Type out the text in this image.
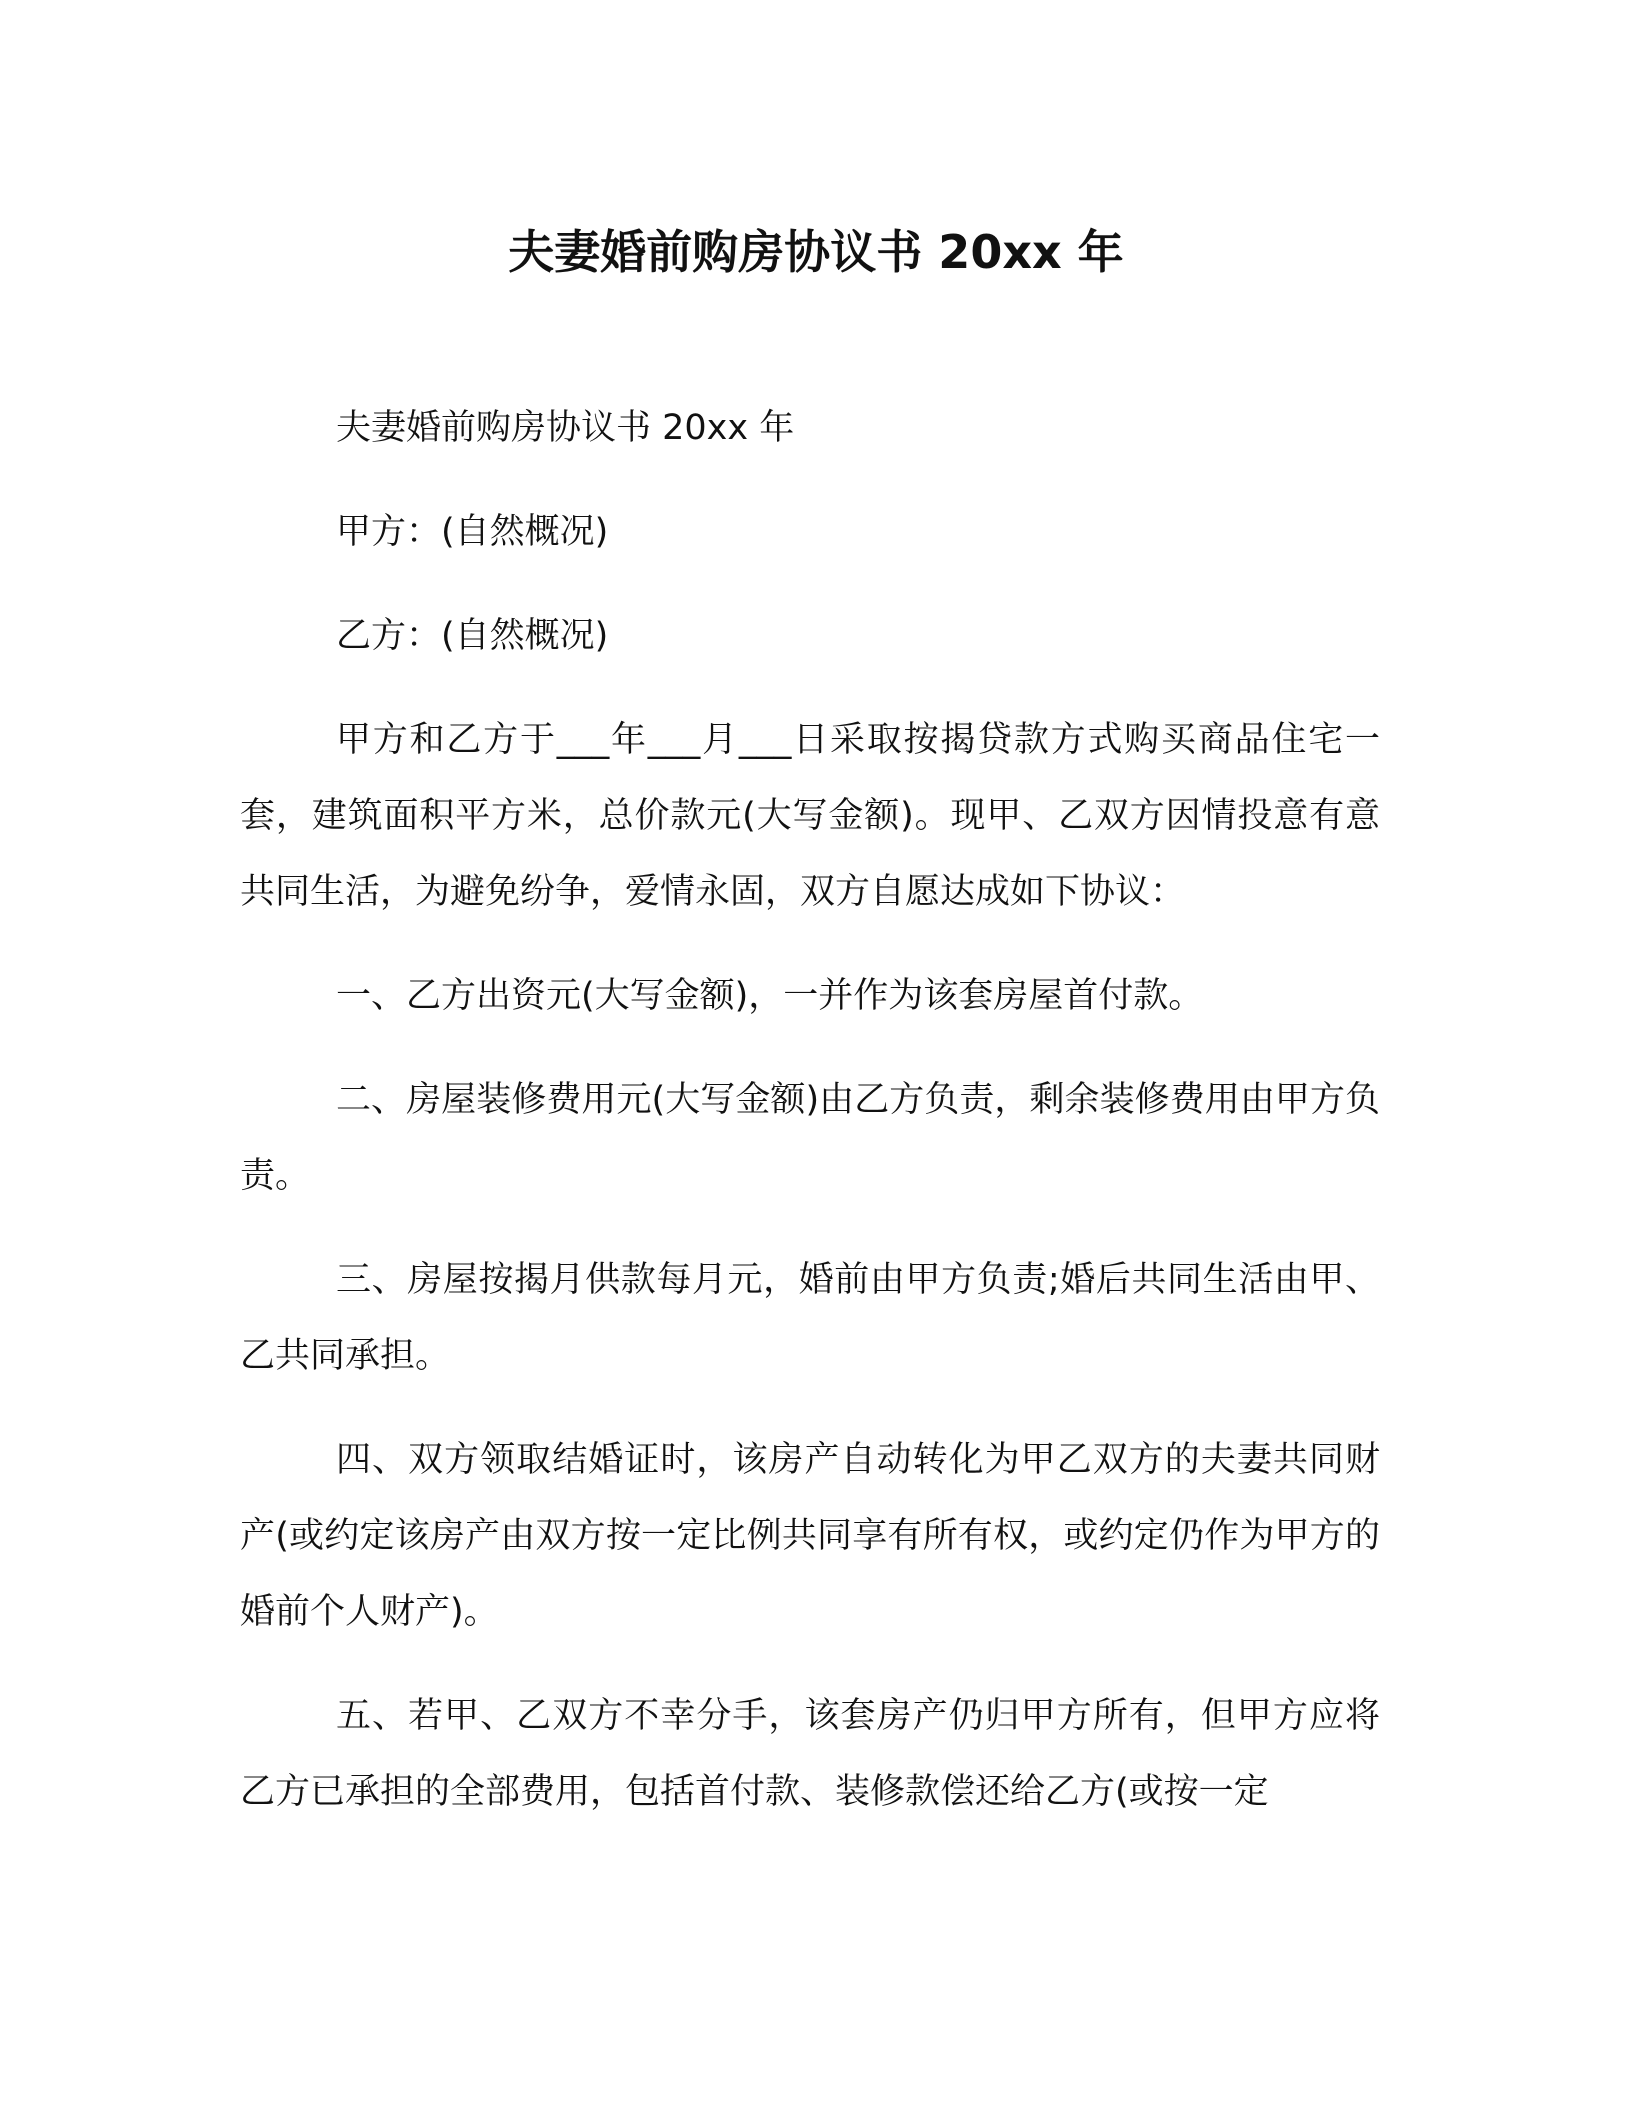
夫妻婚前购房协议书 20xx 年

夫妻婚前购房协议书 20xx 年

甲方：(自然概况)

乙方：(自然概况)

甲方和乙方于___年___月___日采取按揭贷款方式购买商品住宅一套，建筑面积平方米，总价款元(大写金额)。现甲、乙双方因情投意有意共同生活，为避免纷争，爱情永固，双方自愿达成如下协议：

一、乙方出资元(大写金额)，一并作为该套房屋首付款。

二、房屋装修费用元(大写金额)由乙方负责，剩余装修费用由甲方负责。

三、房屋按揭月供款每月元，婚前由甲方负责;婚后共同生活由甲、乙共同承担。

四、双方领取结婚证时，该房产自动转化为甲乙双方的夫妻共同财产(或约定该房产由双方按一定比例共同享有所有权，或约定仍作为甲方的婚前个人财产)。

五、若甲、乙双方不幸分手，该套房产仍归甲方所有，但甲方应将乙方已承担的全部费用，包括首付款、装修款偿还给乙方(或按一定
